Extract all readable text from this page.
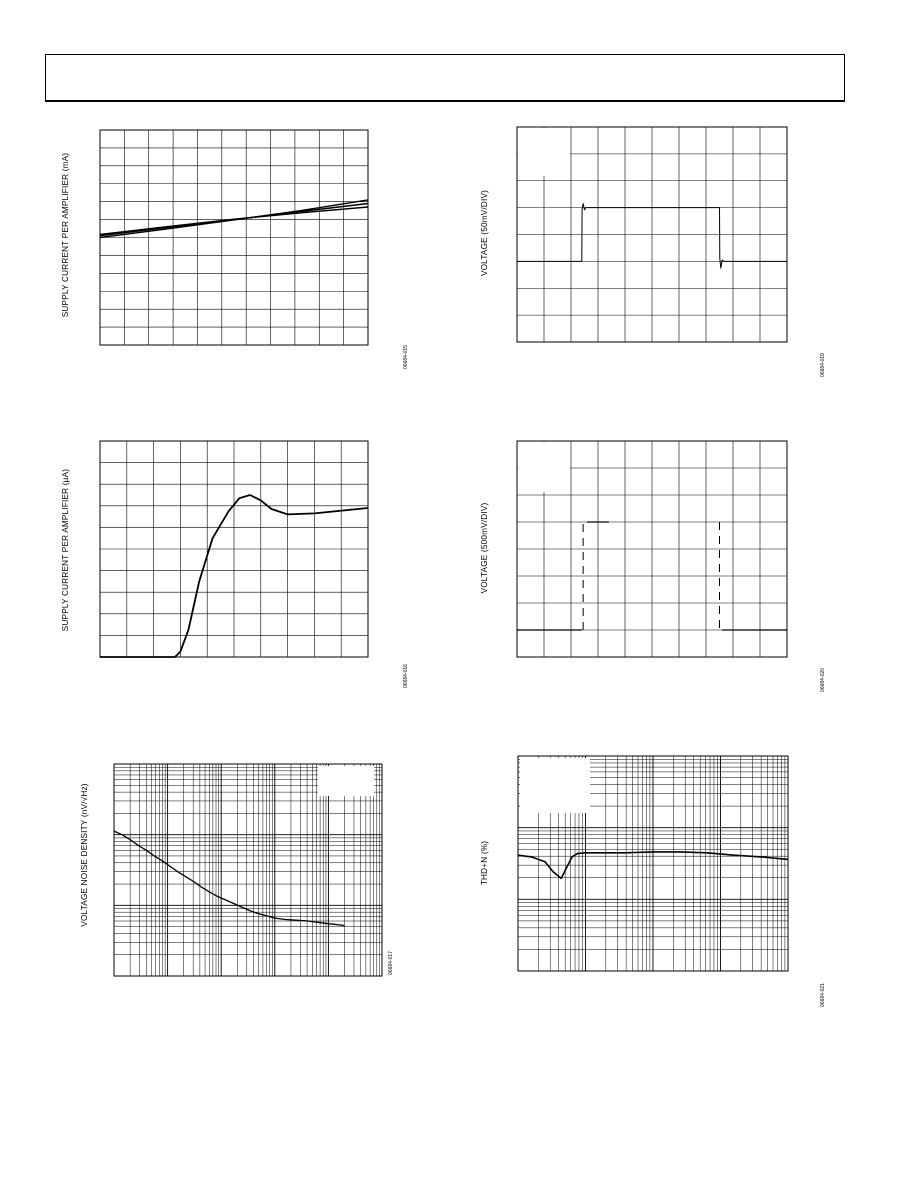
SUPPLY CURRENT PER AMPLIFIER (mA)
06684-015
VOLTAGE (50mV/DIV)
06684-019
SUPPLY CURRENT PER AMPLIFIER (µA)
06684-016
VOLTAGE (500mV/DIV)
06684-020
VOLTAGE NOISE DENSITY (nV/√Hz)
06684-017
THD+N (%)
06684-021
